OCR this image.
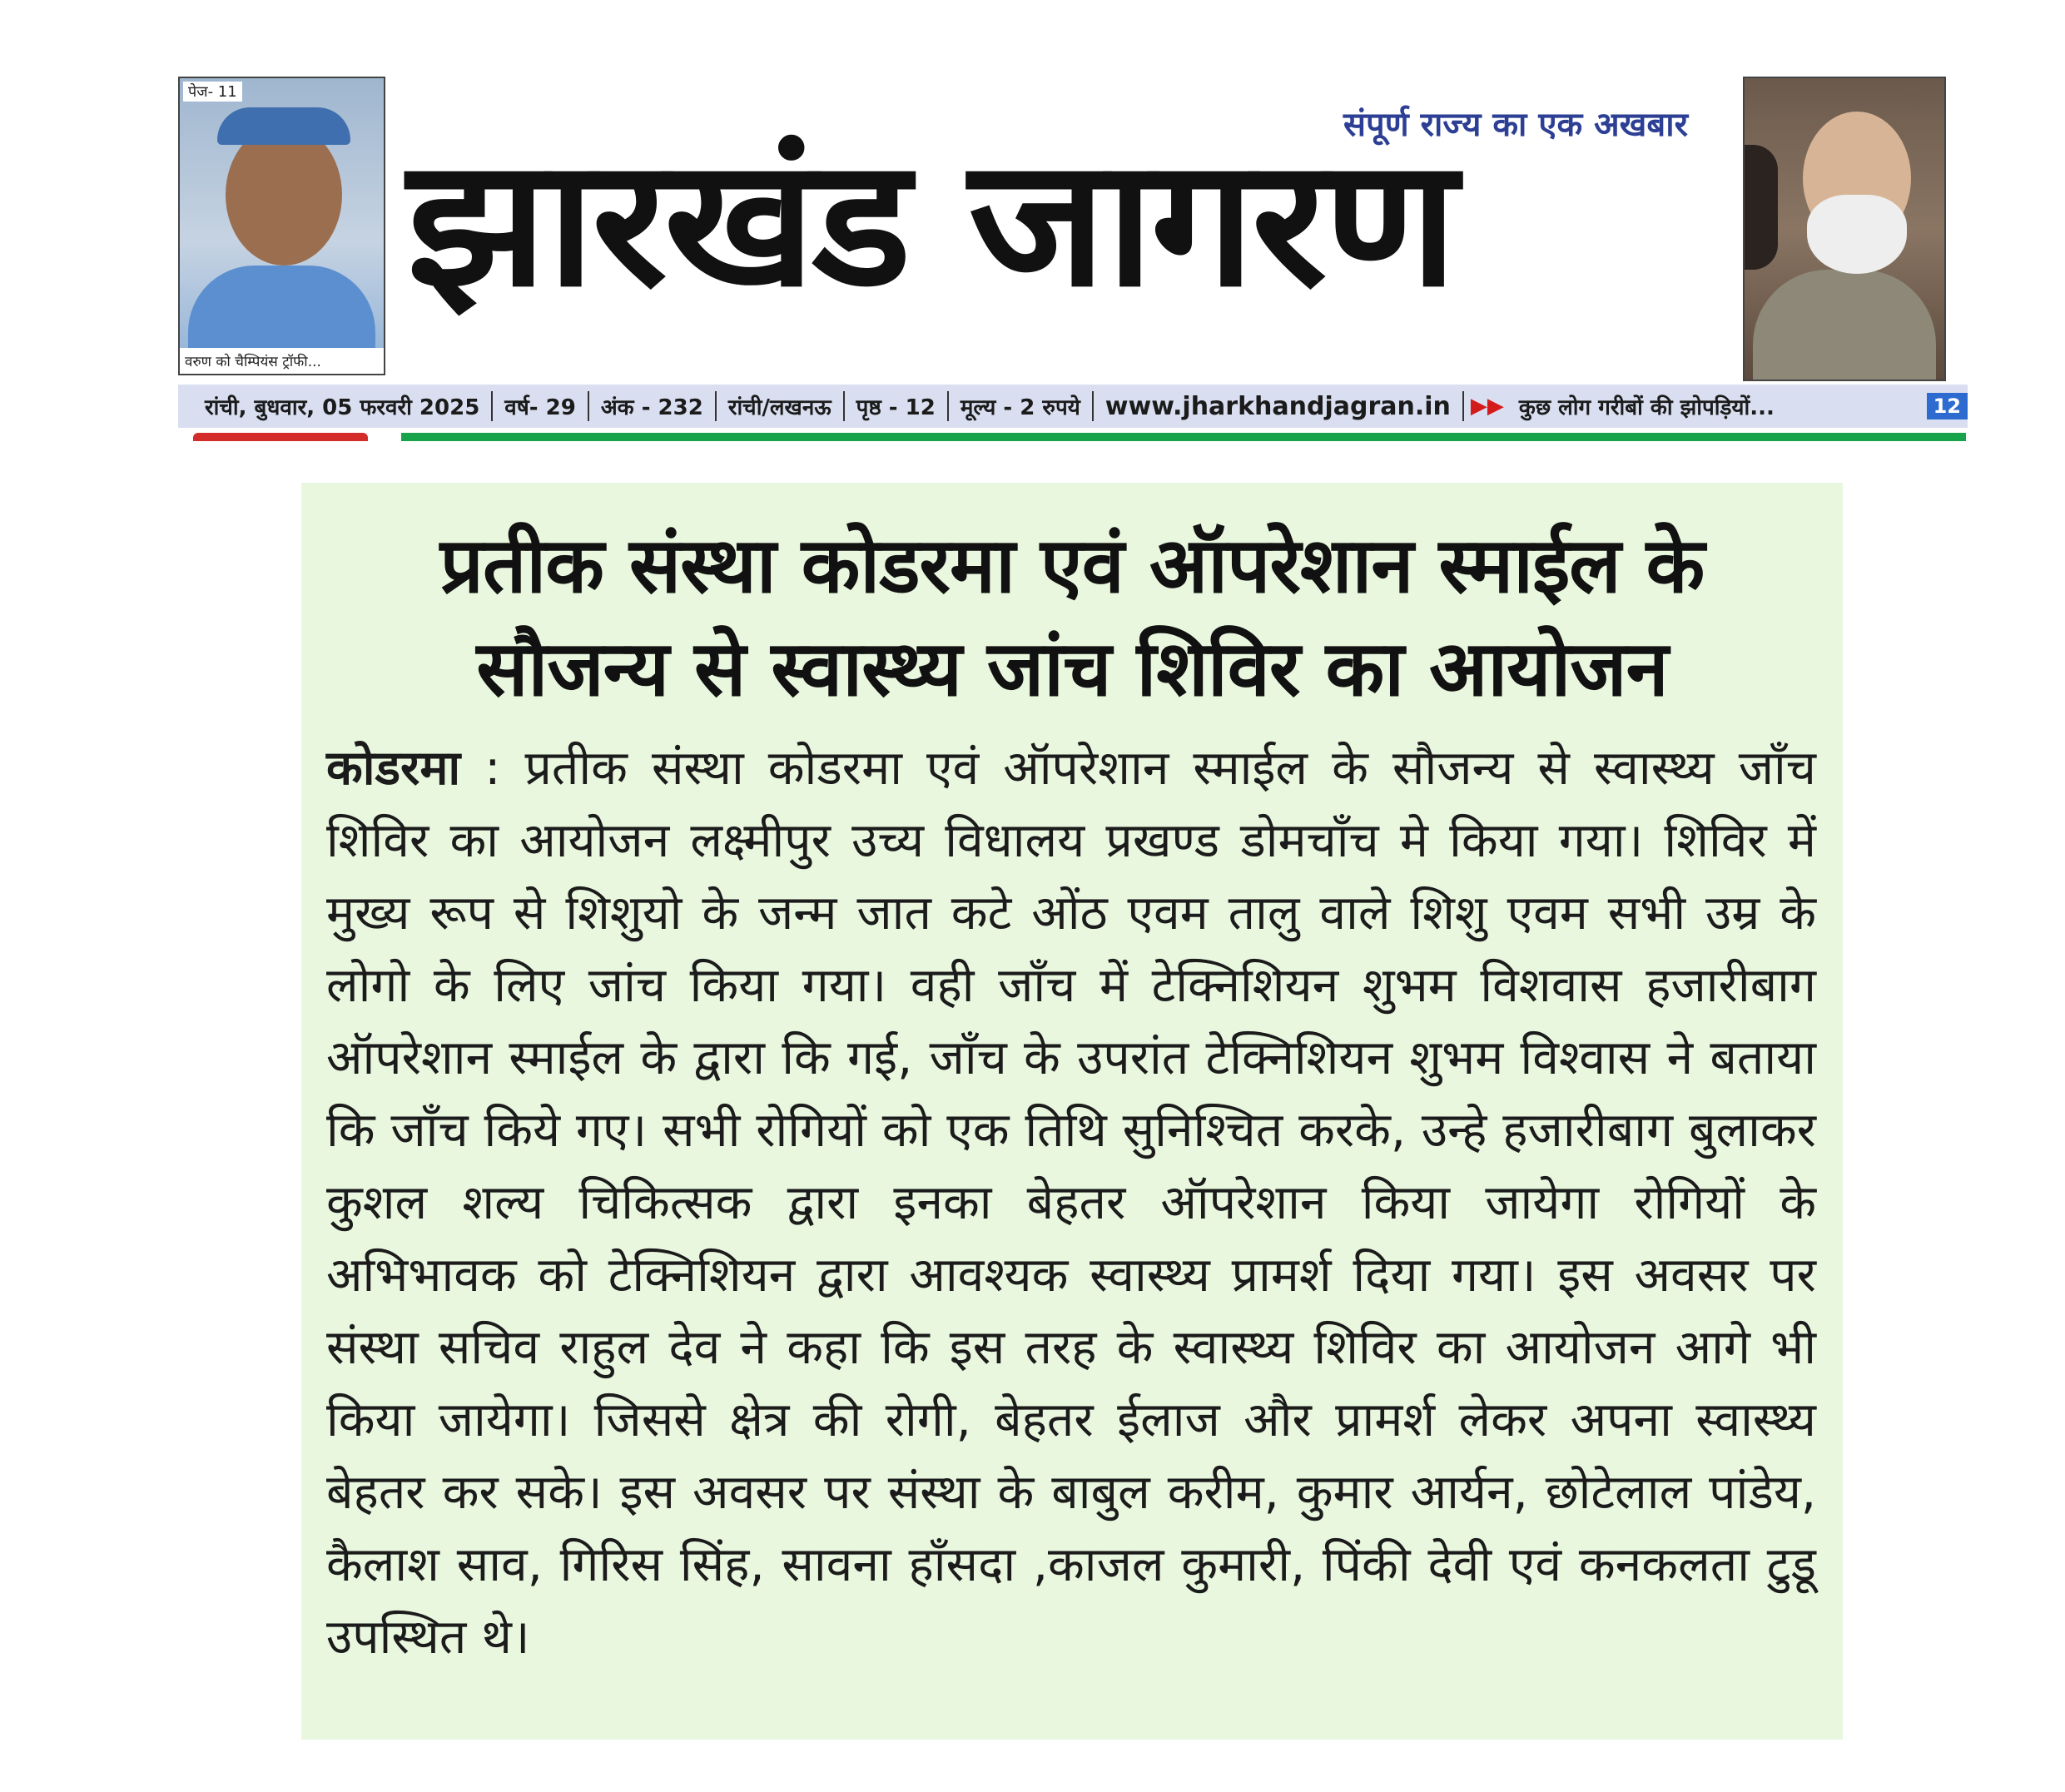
पेज- 11
वरुण को चैम्पियंस ट्रॉफी...
संपूर्ण राज्य का एक अखबार
झारखंड जागरण
रांची, बुधवार, 05 फरवरी 2025	वर्ष- 29	अंक - 232	रांची/लखनऊ	पृष्ठ - 12	मूल्य - 2 रुपये	www.jharkhandjagran.in ▶▶ कुछ लोग गरीबों की झोपड़ियों...	12
प्रतीक संस्था कोडरमा एवं ऑपरेशान स्माईल के
सौजन्य से स्वास्थ्य जांच शिविर का आयोजन
कोडरमा : प्रतीक संस्था कोडरमा एवं ऑपरेशान स्माईल के सौजन्य से स्वास्थ्य जाँच शिविर का आयोजन लक्ष्मीपुर उच्य विधालय प्रखण्ड डोमचाँच मे किया गया। शिविर में मुख्य रूप से शिशुयो के जन्म जात कटे ओंठ एवम तालु वाले शिशु एवम सभी उम्र के लोगो के लिए जांच किया गया। वही जाँच में टेक्निशियन शुभम विशवास हजारीबाग ऑपरेशान स्माईल के द्वारा कि गई, जाँच के उपरांत टेक्निशियन शुभम विश्वास ने बताया कि जाँच किये गए। सभी रोगियों को एक तिथि सुनिश्चित करके, उन्हे हजारीबाग बुलाकर कुशल शल्य चिकित्सक द्वारा इनका बेहतर ऑपरेशान किया जायेगा रोगियों के अभिभावक को टेक्निशियन द्वारा आवश्यक स्वास्थ्य प्रामर्श दिया गया। इस अवसर पर संस्था सचिव राहुल देव ने कहा कि इस तरह के स्वास्थ्य शिविर का आयोजन आगे भी किया जायेगा। जिससे क्षेत्र की रोगी, बेहतर ईलाज और प्रामर्श लेकर अपना स्वास्थ्य बेहतर कर सके। इस अवसर पर संस्था के बाबुल करीम, कुमार आर्यन, छोटेलाल पांडेय, कैलाश साव, गिरिस सिंह, सावना हाँसदा ,काजल कुमारी, पिंकी देवी एवं कनकलता टुडू उपस्थित थे।
